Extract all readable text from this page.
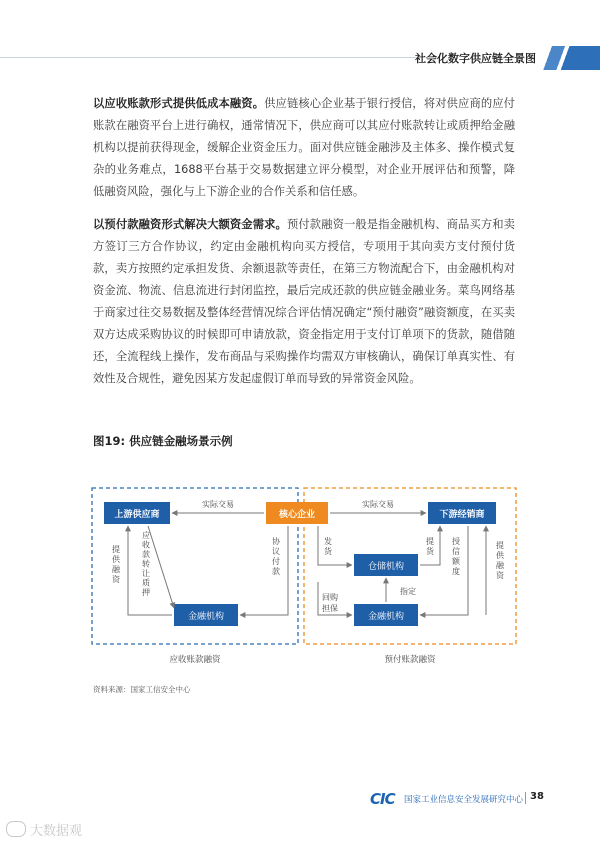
社会化数字供应链全景图
以应收账款形式提供低成本融资。供应链核心企业基于银行授信，将对供应商的应付账款在融资平台上进行确权，通常情况下，供应商可以其应付账款转让或质押给金融机构以提前获得现金，缓解企业资金压力。面对供应链金融涉及主体多、操作模式复杂的业务难点，1688平台基于交易数据建立评分模型，对企业开展评估和预警，降低融资风险，强化与上下游企业的合作关系和信任感。
以预付款融资形式解决大额资金需求。预付款融资一般是指金融机构、商品买方和卖方签订三方合作协议，约定由金融机构向买方授信，专项用于其向卖方支付预付货款，卖方按照约定承担发货、余额退款等责任，在第三方物流配合下，由金融机构对资金流、物流、信息流进行封闭监控，最后完成还款的供应链金融业务。菜鸟网络基于商家过往交易数据及整体经营情况综合评估情况确定“预付融资”融资额度，在买卖双方达成采购协议的时候即可申请放款，资金指定用于支付订单项下的货款，随借随还，全流程线上操作，发布商品与采购操作均需双方审核确认，确保订单真实性、有效性及合规性，避免因某方发起虚假订单而导致的异常资金风险。
图19: 供应链金融场景示例
上游供应商	核心企业	下游经销商
金融机构
仓储机构
金融机构
实际交易	实际交易
提供融资
应收款转让质押
协议付款
发货
提货
授信额度
提供融资
指定
回购担保
应收账款融资	预付账款融资
资料来源：国家工信安全中心
CIC 国家工业信息安全发展研究中心 38
大数据观
